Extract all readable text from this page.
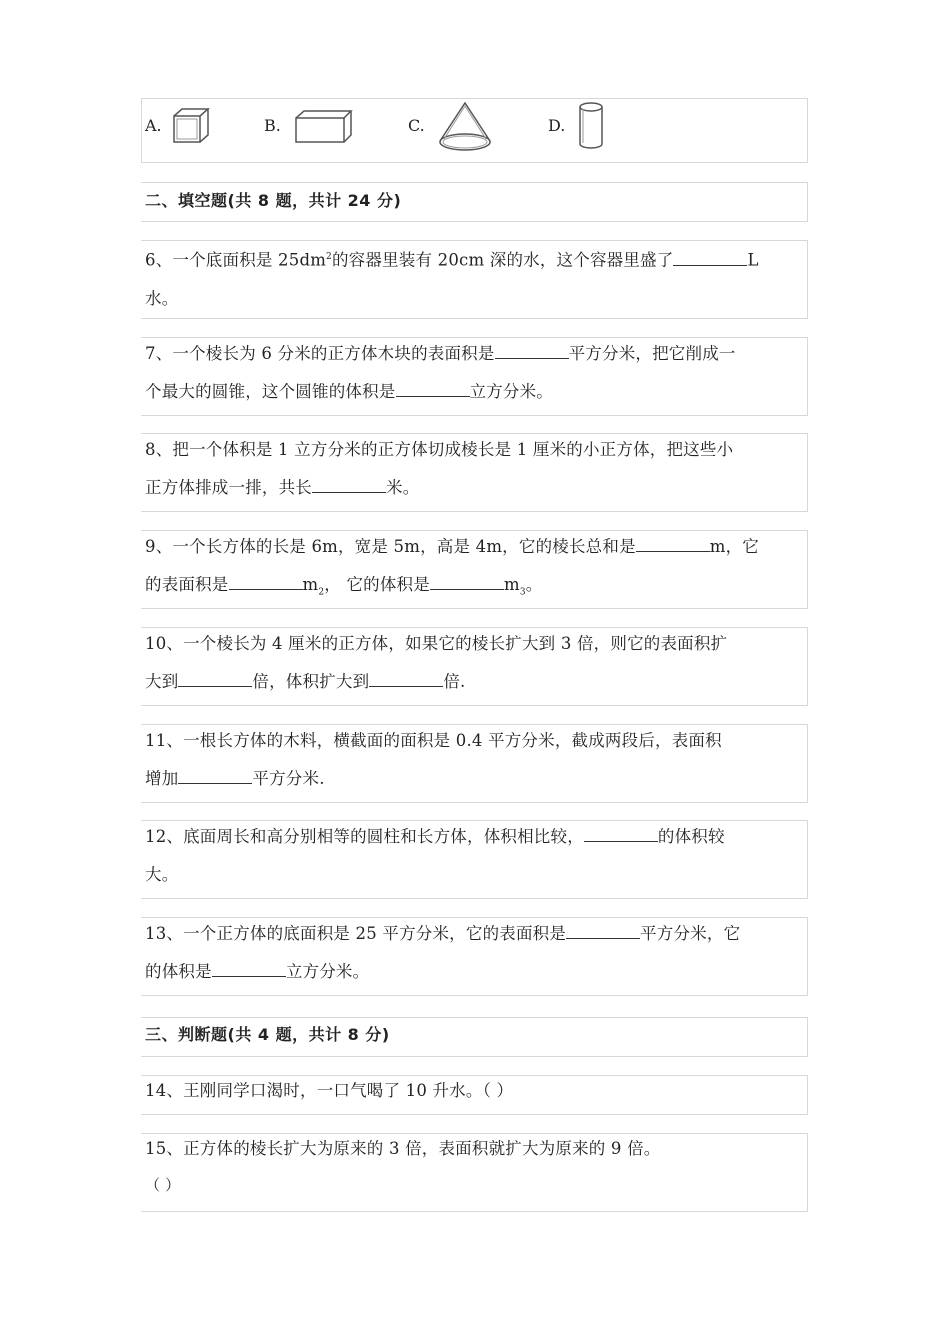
A.	B.	C.	D.
二、填空题(共 8 题，共计 24 分)
6、一个底面积是 $25dm^2$的容器里装有 20cm 深的水，这个容器里盛了	L
水。
7、一个棱长为 6 分米的正方体木块的表面积是	平方分米，把它削成一
个最大的圆锥，这个圆锥的体积是	立方分米。
8、把一个体积是 1 立方分米的正方体切成棱长是 1 厘米的小正方体，把这些小
正方体排成一排，共长	米。
9、一个长方体的长是 6m，宽是 5m，高是 4m，它的棱长总和是	m，它
的表面积是	$m_2$， 它的体积是	$m_3$。
10、一个棱长为 4 厘米的正方体，如果它的棱长扩大到 3 倍，则它的表面积扩
大到	倍，体积扩大到	倍.
11、一根长方体的木料，横截面的面积是 0.4 平方分米，截成两段后，表面积
增加	平方分米.
12、底面周长和高分别相等的圆柱和长方体，体积相比较，	的体积较
大。
13、一个正方体的底面积是 25 平方分米，它的表面积是	平方分米，它
的体积是	立方分米。
三、判断题(共 4 题，共计 8 分)
14、王刚同学口渴时，一口气喝了 10 升水。（ ）
15、正方体的棱长扩大为原来的 3 倍，表面积就扩大为原来的 9 倍。
（ ）
